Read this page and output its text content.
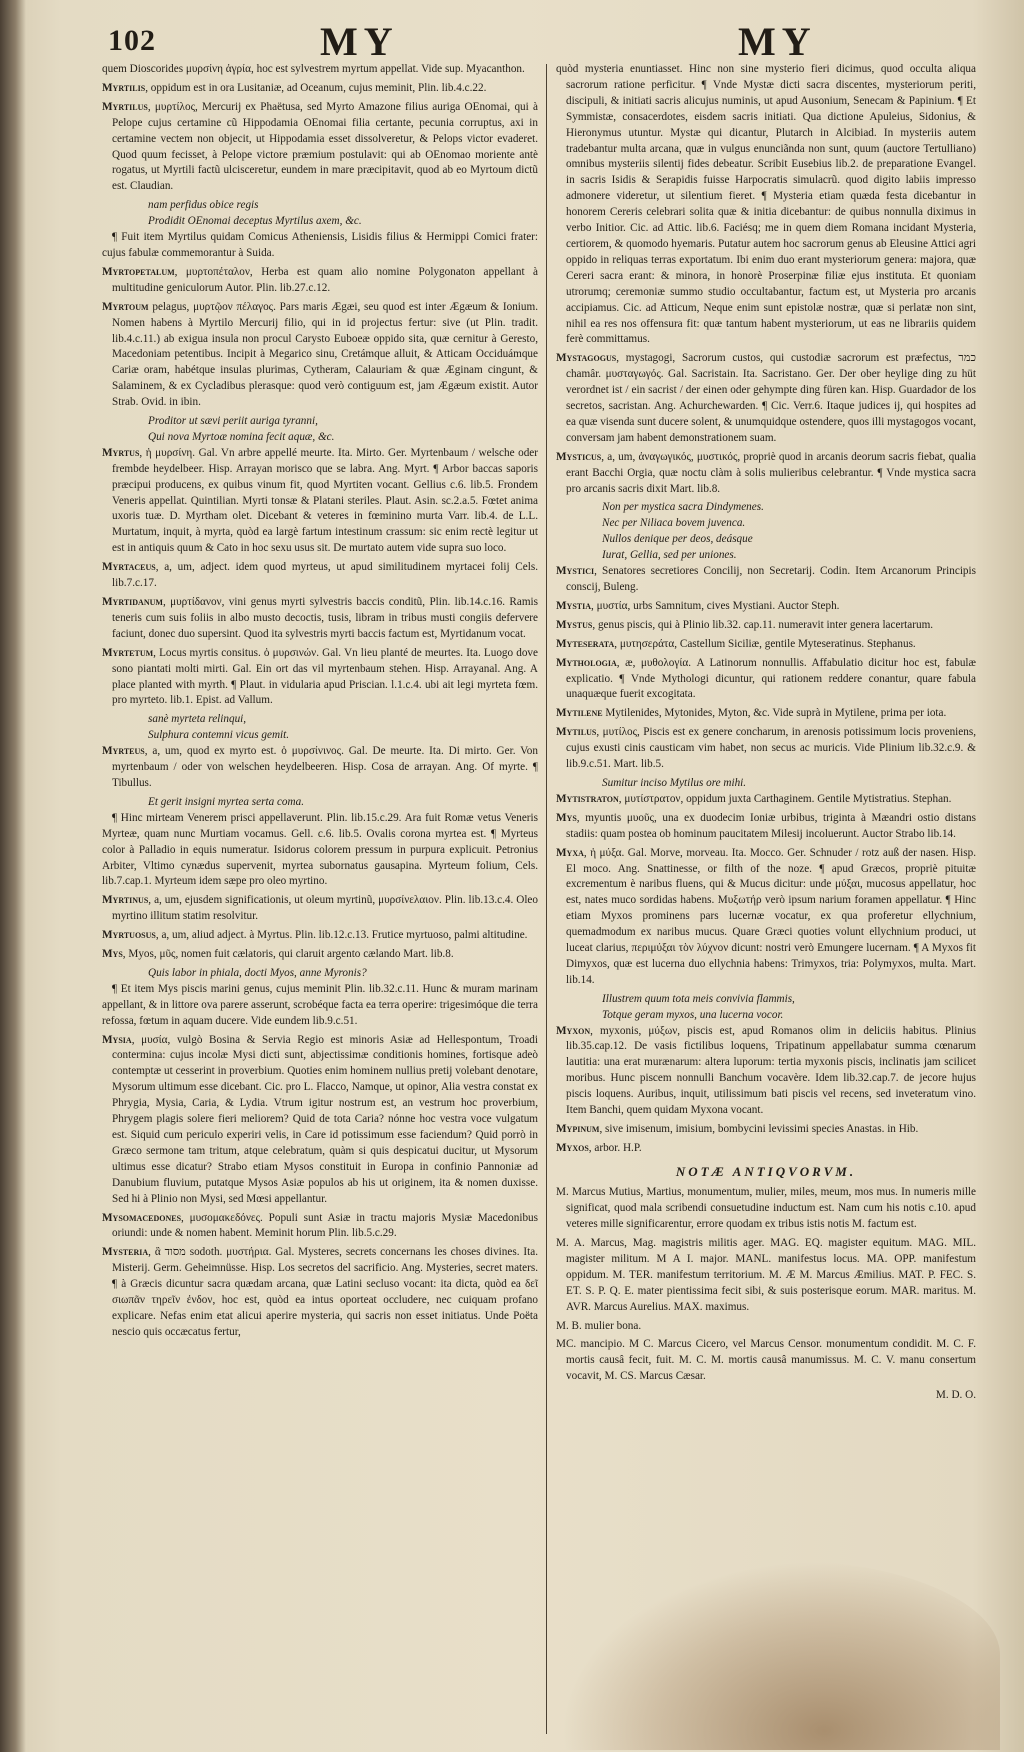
102	MY	MY

quem Dioscorides μυρσίνη ἀγρία, hoc est sylvestrem myrtum appellat. Vide sup. Myacanthon.

Myrtilis, oppidum est in ora Lusitaniæ, ad Oceanum, cujus meminit, Plin. lib.4.c.22.

Myrtilus, μυρτίλος, Mercurij ex Phaëtusa, sed Myrto Amazone filius auriga OEnomai, qui à Pelope cujus certamine cũ Hippodamia OEnomai filia certante, pecunia corruptus, axi in certamine vectem non objecit, ut Hippodamia esset dissolveretur, & Pelops victor evaderet. Quod quum fecisset, à Pelope victore præmium postulavit: qui ab OEnomao moriente antè rogatus, ut Myrtili factũ ulcisceretur, eundem in mare præcipitavit, quod ab eo Myrtoum dictũ est. Claudian.

nam perfidus obice regis

Prodidit OEnomai deceptus Myrtilus axem, &c.

¶ Fuit item Myrtilus quidam Comicus Atheniensis, Lisidis filius & Hermippi Comici frater: cujus fabulæ commemorantur à Suida.

Myrtopetalum, μυρτοπέταλον, Herba est quam alio nomine Polygonaton appellant à multitudine geniculorum Autor. Plin. lib.27.c.12.

Myrtoum pelagus, μυρτῷον πέλαγος. Pars maris Ægæi, seu quod est inter Ægæum & Ionium. Nomen habens à Myrtilo Mercurij filio, qui in id projectus fertur: sive (ut Plin. tradit. lib.4.c.11.) ab exigua insula non procul Carysto Euboeæ oppido sita, quæ cernitur à Geresto, Macedoniam petentibus. Incipit à Megarico sinu, Cretámque alluit, & Atticam Occiduámque Cariæ oram, habétque insulas plurimas, Cytheram, Calauriam & quæ Æginam cingunt, & Salaminem, & ex Cycladibus plerasque: quod verò contiguum est, jam Ægæum existit. Autor Strab. Ovid. in ibin.

Proditor ut sævi periit auriga tyranni,

Qui nova Myrtoæ nomina fecit aquæ, &c.

Myrtus, ἡ μυρσίνη. Gal. Vn arbre appellé meurte. Ita. Mirto. Ger. Myrtenbaum / welsche oder frembde heydelbeer. Hisp. Arrayan morisco que se labra. Ang. Myrt. ¶ Arbor baccas saporis præcipui producens, ex quibus vinum fit, quod Myrtiten vocant. Gellius c.6. lib.5. Frondem Veneris appellat. Quintilian. Myrti tonsæ & Platani steriles. Plaut. Asin. sc.2.a.5. Fœtet anima uxoris tuæ. D. Myrtham olet. Dicebant & veteres in fœminino murta Varr. lib.4. de L.L. Murtatum, inquit, à myrta, quòd ea largè fartum intestinum crassum: sic enim rectè legitur ut est in antiquis quum & Cato in hoc sexu usus sit. De murtato autem vide supra suo loco.

Myrtaceus, a, um, adject. idem quod myrteus, ut apud similitudinem myrtacei folij Cels. lib.7.c.17.

Myrtidanum, μυρτίδανον, vini genus myrti sylvestris baccis conditũ, Plin. lib.14.c.16. Ramis teneris cum suis foliis in albo musto decoctis, tusis, libram in tribus musti congiis defervere faciunt, donec duo supersint. Quod ita sylvestris myrti baccis factum est, Myrtidanum vocat.

Myrtetum, Locus myrtis consitus. ὁ μυρσινών. Gal. Vn lieu planté de meurtes. Ita. Luogo dove sono piantati molti mirti. Gal. Ein ort das vil myrtenbaum stehen. Hisp. Arrayanal. Ang. A place planted with myrth. ¶ Plaut. in vidularia apud Priscian. l.1.c.4. ubi ait legi myrteta fœm. pro myrteto. lib.1. Epist. ad Vallum.

sanè myrteta relinqui,

Sulphura contemni vicus gemit.

Myrteus, a, um, quod ex myrto est. ὁ μυρσίνινος. Gal. De meurte. Ita. Di mirto. Ger. Von myrtenbaum / oder von welschen heydelbeeren. Hisp. Cosa de arrayan. Ang. Of myrte. ¶ Tibullus.

Et gerit insigni myrtea serta coma.

¶ Hinc mirteam Venerem prisci appellaverunt. Plin. lib.15.c.29. Ara fuit Romæ vetus Veneris Myrteæ, quam nunc Murtiam vocamus. Gell. c.6. lib.5. Ovalis corona myrtea est. ¶ Myrteus color à Palladio in equis numeratur. Isidorus colorem pressum in purpura explicuit. Petronius Arbiter, Vltimo cynædus supervenit, myrtea subornatus gausapina. Myrteum folium, Cels. lib.7.cap.1. Myrteum idem sæpe pro oleo myrtino.

Myrtinus, a, um, ejusdem significationis, ut oleum myrtinũ, μυρσίνελαιον. Plin. lib.13.c.4. Oleo myrtino illitum statim resolvitur.

Myrtuosus, a, um, aliud adject. à Myrtus. Plin. lib.12.c.13. Frutice myrtuoso, palmi altitudine.

Mys, Myos, μῦς, nomen fuit cælatoris, qui claruit argento cælando Mart. lib.8.

Quis labor in phiala, docti Myos, anne Myronis?

¶ Et item Mys piscis marini genus, cujus meminit Plin. lib.32.c.11. Hunc & muram marinam appellant, & in littore ova parere asserunt, scrobéque facta ea terra operire: trigesimóque die terra refossa, fœtum in aquam ducere. Vide eundem lib.9.c.51.

Mysia, μυσία, vulgò Bosina & Servia Regio est minoris Asiæ ad Hellespontum, Troadi contermina: cujus incolæ Mysi dicti sunt, abjectissimæ conditionis homines, fortisque adeò contemptæ ut cesserint in proverbium. Quoties enim hominem nullius pretij volebant denotare, Mysorum ultimum esse dicebant. Cic. pro L. Flacco, Namque, ut opinor, Alia vestra constat ex Phrygia, Mysia, Caria, & Lydia. Vtrum igitur nostrum est, an vestrum hoc proverbium, Phrygem plagis solere fieri meliorem? Quid de tota Caria? nónne hoc vestra voce vulgatum est. Siquid cum periculo experiri velis, in Care id potissimum esse faciendum? Quid porrò in Græco sermone tam tritum, atque celebratum, quàm si quis despicatui ducitur, ut Mysorum ultimus esse dicatur? Strabo etiam Mysos constituit in Europa in confinio Pannoniæ ad Danubium fluvium, putatque Mysos Asiæ populos ab his ut originem, ita & nomen duxisse. Sed hi à Plinio non Mysi, sed Mœsi appellantur.

Mysomacedones, μυσομακεδόνες. Populi sunt Asiæ in tractu majoris Mysiæ Macedonibus oriundi: unde & nomen habent. Meminit horum Plin. lib.5.c.29.

Mysteria, ἃ מסוד sodoth. μυστήρια. Gal. Mysteres, secrets concernans les choses divines. Ita. Misterij. Germ. Geheimnüsse. Hisp. Los secretos del sacrificio. Ang. Mysteries, secret maters. ¶ à Græcis dicuntur sacra quædam arcana, quæ Latini secluso vocant: ita dicta, quòd ea δεῖ σιωπᾶν τηρεῖν ἐνδον, hoc est, quòd ea intus oporteat occludere, nec cuiquam profano explicare. Nefas enim etat alicui aperire mysteria, qui sacris non esset initiatus. Unde Poëta nescio quis occæcatus fertur,

quòd mysteria enuntiasset. Hinc non sine mysterio fieri dicimus, quod occulta aliqua sacrorum ratione perficitur. ¶ Vnde Mystæ dicti sacra discentes, mysteriorum periti, discipuli, & initiati sacris alicujus numinis, ut apud Ausonium, Senecam & Papinium. ¶ Et Symmistæ, consacerdotes, eisdem sacris initiati. Qua dictione Apuleius, Sidonius, & Hieronymus utuntur. Mystæ qui dicantur, Plutarch in Alcibiad. In mysteriis autem tradebantur multa arcana, quæ in vulgus enunciãnda non sunt, quum (auctore Tertulliano) omnibus mysteriis silentij fides debeatur. Scribit Eusebius lib.2. de preparatione Evangel. in sacris Isidis & Serapidis fuisse Harpocratis simulacrũ. quod digito labiis impresso admonere videretur, ut silentium fieret. ¶ Mysteria etiam quæda festa dicebantur in honorem Cereris celebrari solita quæ & initia dicebantur: de quibus nonnulla diximus in verbo Initior. Cic. ad Attic. lib.6. Faciésq; me in quem diem Romana incidant Mysteria, certiorem, & quomodo hyemaris. Putatur autem hoc sacrorum genus ab Eleusine Attici agri oppido in reliquas terras exportatum. Ibi enim duo erant mysteriorum genera: majora, quæ Cereri sacra erant: & minora, in honorè Proserpinæ filiæ ejus instituta. Et quoniam utrorumq; ceremoniæ summo studio occultabantur, factum est, ut Mysteria pro arcanis accipiamus. Cic. ad Atticum, Neque enim sunt epistolæ nostræ, quæ si perlatæ non sint, nihil ea res nos offensura fit: quæ tantum habent mysteriorum, ut eas ne librariis quidem ferè committamus.

Mystagogus, mystagogi, Sacrorum custos, qui custodiæ sacrorum est præfectus, כמר chamâr. μυσταγωγός. Gal. Sacristain. Ita. Sacristano. Ger. Der ober heylige ding zu hüt verordnet ist / ein sacrist / der einen oder gehympte ding füren kan. Hisp. Guardador de los secretos, sacristan. Ang. Achurchewarden. ¶ Cic. Verr.6. Itaque judices ij, qui hospites ad ea quæ visenda sunt ducere solent, & unumquidque ostendere, quos illi mystagogos vocant, conversam jam habent demonstrationem suam.

Mysticus, a, um, ἀναγωγικός, μυστικός, propriè quod in arcanis deorum sacris fiebat, qualia erant Bacchi Orgia, quæ noctu clàm à solis mulieribus celebrantur. ¶ Vnde mystica sacra pro arcanis sacris dixit Mart. lib.8.

Non per mystica sacra Dindymenes.

Nec per Niliaca bovem juvenca.

Nullos denique per deos, deásque

Iurat, Gellia, sed per uniones.

Mystici, Senatores secretiores Concilij, non Secretarij. Codin. Item Arcanorum Principis conscij, Buleng.

Mystia, μυστία, urbs Samnitum, cives Mystiani. Auctor Steph.

Mystus, genus piscis, qui à Plinio lib.32. cap.11. numeravit inter genera lacertarum.

Myteserata, μυτησεράτα, Castellum Siciliæ, gentile Myteseratinus. Stephanus.

Mythologia, æ, μυθολογία. A Latinorum nonnullis. Affabulatio dicitur hoc est, fabulæ explicatio. ¶ Vnde Mythologi dicuntur, qui rationem reddere conantur, quare fabula unaquæque fuerit excogitata.

Mytilene Mytilenides, Mytonides, Myton, &c. Vide suprà in Mytilene, prima per iota.

Mytilus, μυτίλος, Piscis est ex genere concharum, in arenosis potissimum locis proveniens, cujus exusti cinis causticam vim habet, non secus ac muricis. Vide Plinium lib.32.c.9. & lib.9.c.51. Mart. lib.5.

Sumitur inciso Mytilus ore mihi.

Mytistraton, μυτίστρατον, oppidum juxta Carthaginem. Gentile Mytistratius. Stephan.

Mys, myuntis μυοῦς, una ex duodecim Ioniæ urbibus, triginta à Mæandri ostio distans stadiis: quam postea ob hominum paucitatem Milesij incoluerunt. Auctor Strabo lib.14.

Myxa, ἡ μύξα. Gal. Morve, morveau. Ita. Mocco. Ger. Schnuder / rotz auß der nasen. Hisp. El moco. Ang. Snattinesse, or filth of the noze. ¶ apud Græcos, propriè pituitæ excrementum è naribus fluens, qui & Mucus dicitur: unde μύξαι, mucosus appellatur, hoc est, nates muco sordidas habens. Μυξωτήρ verò ipsum narium foramen appellatur. ¶ Hinc etiam Myxos prominens pars lucernæ vocatur, ex qua proferetur ellychnium, quemadmodum ex naribus mucus. Quare Græci quoties volunt ellychnium produci, ut luceat clarius, περιμύξαι τὸν λύχνον dicunt: nostri verò Emungere lucernam. ¶ A Myxos fit Dimyxos, quæ est lucerna duo ellychnia habens: Trimyxos, tria: Polymyxos, multa. Mart. lib.14.

Illustrem quum tota meis convivia flammis,

Totque geram myxos, una lucerna vocor.

Myxon, myxonis, μύξων, piscis est, apud Romanos olim in deliciis habitus. Plinius lib.35.cap.12. De vasis fictilibus loquens, Tripatinum appellabatur summa cœnarum lautitia: una erat murænarum: altera luporum: tertia myxonis piscis, inclinatis jam scilicet moribus. Hunc piscem nonnulli Banchum vocavère. Idem lib.32.cap.7. de jecore hujus piscis loquens. Auribus, inquit, utilissimum bati piscis vel recens, sed inveteratum vino. Item Banchi, quem quidam Myxona vocant.

Mypinum, sive imisenum, imisium, bombycini levissimi species Anastas. in Hib.

Myxos, arbor. H.P.

NOTÆ ANTIQVORVM.

M. Marcus Mutius, Martius, monumentum, mulier, miles, meum, mos mus. In numeris mille significat, quod mala scribendi consuetudine inductum est. Nam cum his notis c.10. apud veteres mille significarentur, errore quodam ex tribus istis notis M. factum est.

M. A. Marcus, Mag. magistris militis ager. MAG. EQ. magister equitum. MAG. MIL. magister militum. M A I. major. MANL. manifestus locus. MA. OPP. manifestum oppidum. M. TER. manifestum territorium. M. Æ M. Marcus Æmilius. MAT. P. FEC. S. ET. S. P. Q. E. mater pientissima fecit sibi, & suis posterisque eorum. MAR. maritus. M. AVR. Marcus Aurelius. MAX. maximus.

M. B. mulier bona.

MC. mancipio. M C. Marcus Cicero, vel Marcus Censor. monumentum condidit. M. C. F. mortis causâ fecit, fuit. M. C. M. mortis causâ manumissus. M. C. V. manu consertum vocavit, M. CS. Marcus Cæsar.

M. D. O.
